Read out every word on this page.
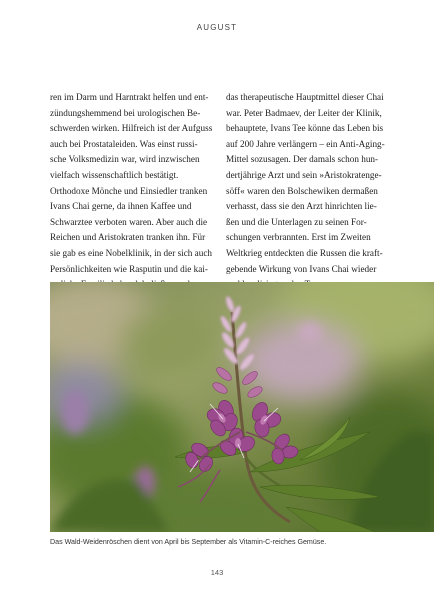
AUGUST
ren im Darm und Harntrakt helfen und ent-
zündungshemmend bei urologischen Be-
schwerden wirken. Hilfreich ist der Aufguss
auch bei Prostataleiden. Was einst russi-
sche Volksmedizin war, wird inzwischen
vielfach wissenschaftlich bestätigt.
Orthodoxe Mönche und Einsiedler tranken
Ivans Chai gerne, da ihnen Kaffee und
Schwarztee verboten waren. Aber auch die
Reichen und Aristokraten tranken ihn. Für
sie gab es eine Nobelklinik, in der sich auch
Persönlichkeiten wie Rasputin und die kai-
das therapeutische Hauptmittel dieser Chai
war. Peter Badmaev, der Leiter der Klinik,
behauptete, Ivans Tee könne das Leben bis
auf 200 Jahre verlängern – ein Anti-Aging-
Mittel sozusagen. Der damals schon hun-
dertjährige Arzt und sein »Aristokratenge-
söff« waren den Bolschewiken dermaßen
verhasst, dass sie den Arzt hinrichten lie-
ßen und die Unterlagen zu seinen For-
schungen verbrannten. Erst im Zweiten
Weltkrieg entdeckten die Russen die kraft-
gebende Wirkung von Ivans Chai wieder
Das Wald-Weidenröschen dient von April bis September als Vitamin-C-reiches Gemüse.
143
